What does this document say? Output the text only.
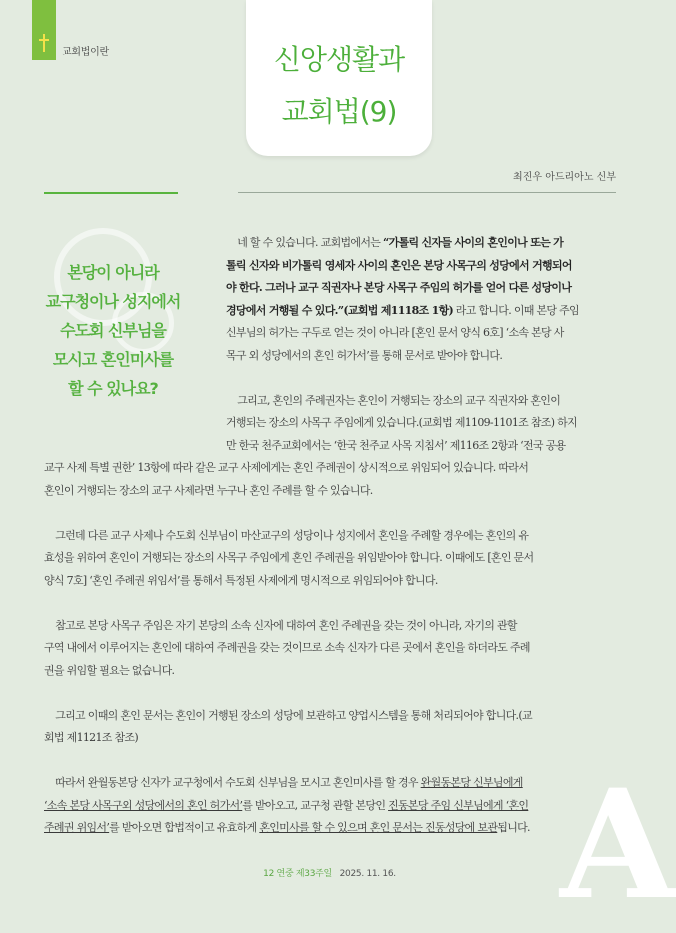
교회법이란	신앙생활과
교회법(9)
최진우 아드리아노 신부
본당이 아니라
교구청이나 성지에서
수도회 신부님을
모시고 혼인미사를
할 수 있나요?
A
네 할 수 있습니다. 교회법에서는 “가톨릭 신자들 사이의 혼인이나 또는 가
톨릭 신자와 비가톨릭 영세자 사이의 혼인은 본당 사목구의 성당에서 거행되어
야 한다. 그러나 교구 직권자나 본당 사목구 주임의 허가를 얻어 다른 성당이나
경당에서 거행될 수 있다.”(교회법 제1118조 1항) 라고 합니다. 이때 본당 주임
신부님의 허가는 구두로 얻는 것이 아니라 [혼인 문서 양식 6호] ‘소속 본당 사
목구 외 성당에서의 혼인 허가서’를 통해 문서로 받아야 합니다.
그리고, 혼인의 주례권자는 혼인이 거행되는 장소의 교구 직권자와 혼인이
거행되는 장소의 사목구 주임에게 있습니다.(교회법 제1109-1101조 참조) 하지
만 한국 천주교회에서는 ‘한국 천주교 사목 지침서’ 제116조 2항과 ‘전국 공용
교구 사제 특별 권한’ 13항에 따라 같은 교구 사제에게는 혼인 주례권이 상시적으로 위임되어 있습니다. 따라서
혼인이 거행되는 장소의 교구 사제라면 누구나 혼인 주례를 할 수 있습니다.
그런데 다른 교구 사제나 수도회 신부님이 마산교구의 성당이나 성지에서 혼인을 주례할 경우에는 혼인의 유
효성을 위하여 혼인이 거행되는 장소의 사목구 주임에게 혼인 주례권을 위임받아야 합니다. 이때에도 [혼인 문서
양식 7호] ‘혼인 주례권 위임서’를 통해서 특정된 사제에게 명시적으로 위임되어야 합니다.
참고로 본당 사목구 주임은 자기 본당의 소속 신자에 대하여 혼인 주례권을 갖는 것이 아니라, 자기의 관할
구역 내에서 이루어지는 혼인에 대하여 주례권을 갖는 것이므로 소속 신자가 다른 곳에서 혼인을 하더라도 주례
권을 위임할 필요는 없습니다.
그리고 이때의 혼인 문서는 혼인이 거행된 장소의 성당에 보관하고 양업시스템을 통해 처리되어야 합니다.(교
회법 제1121조 참조)
따라서 완월동본당 신자가 교구청에서 수도회 신부님을 모시고 혼인미사를 할 경우 완월동본당 신부님에게
‘소속 본당 사목구외 성당에서의 혼인 허가서’를 받아오고, 교구청 관할 본당인 진동본당 주임 신부님에게 ‘혼인
주례권 위임서’를 받아오면 합법적이고 유효하게 혼인미사를 할 수 있으며 혼인 문서는 진동성당에 보관됩니다.
12 연중 제33주일 2025. 11. 16.
